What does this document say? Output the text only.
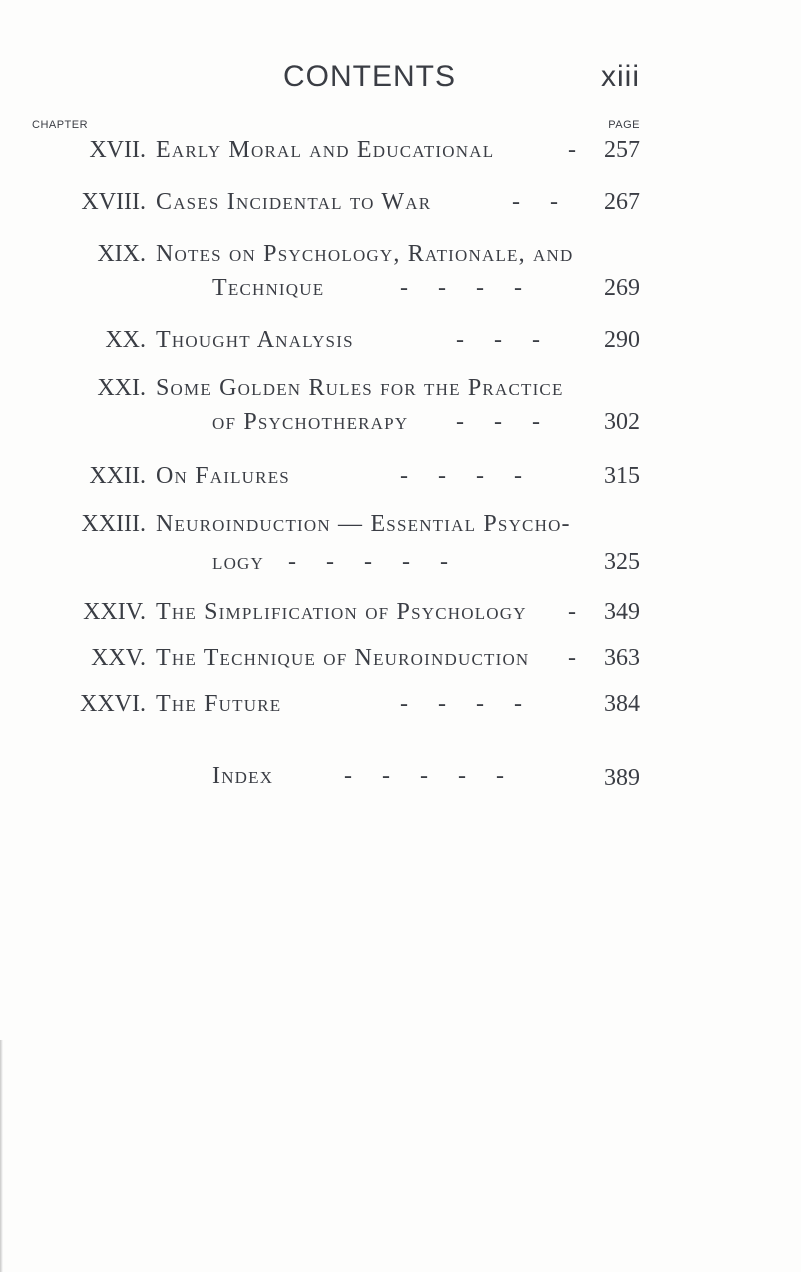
CONTENTS	xiii
CHAPTER	PAGE
XVII. Early Moral and Educational	-	257
XVIII. Cases Incidental to War	-     -	267
XIX. Notes on Psychology, Rationale, and
Technique	-     -     -     -	269
XX. Thought Analysis	-     -     -	290
XXI. Some Golden Rules for the Practice
of Psychotherapy -     -     -	302
XXII. On Failures	-     -     -     -	315
XXIII. Neuroinduction — Essential Psycho-
logy -     -     -     -     -	325
XXIV. The Simplification of Psychology -	349
XXV. The Technique of Neuroinduction -	363
XXVI. The Future	-     -     -     -	384
Index	-     -     -     -     -	389
